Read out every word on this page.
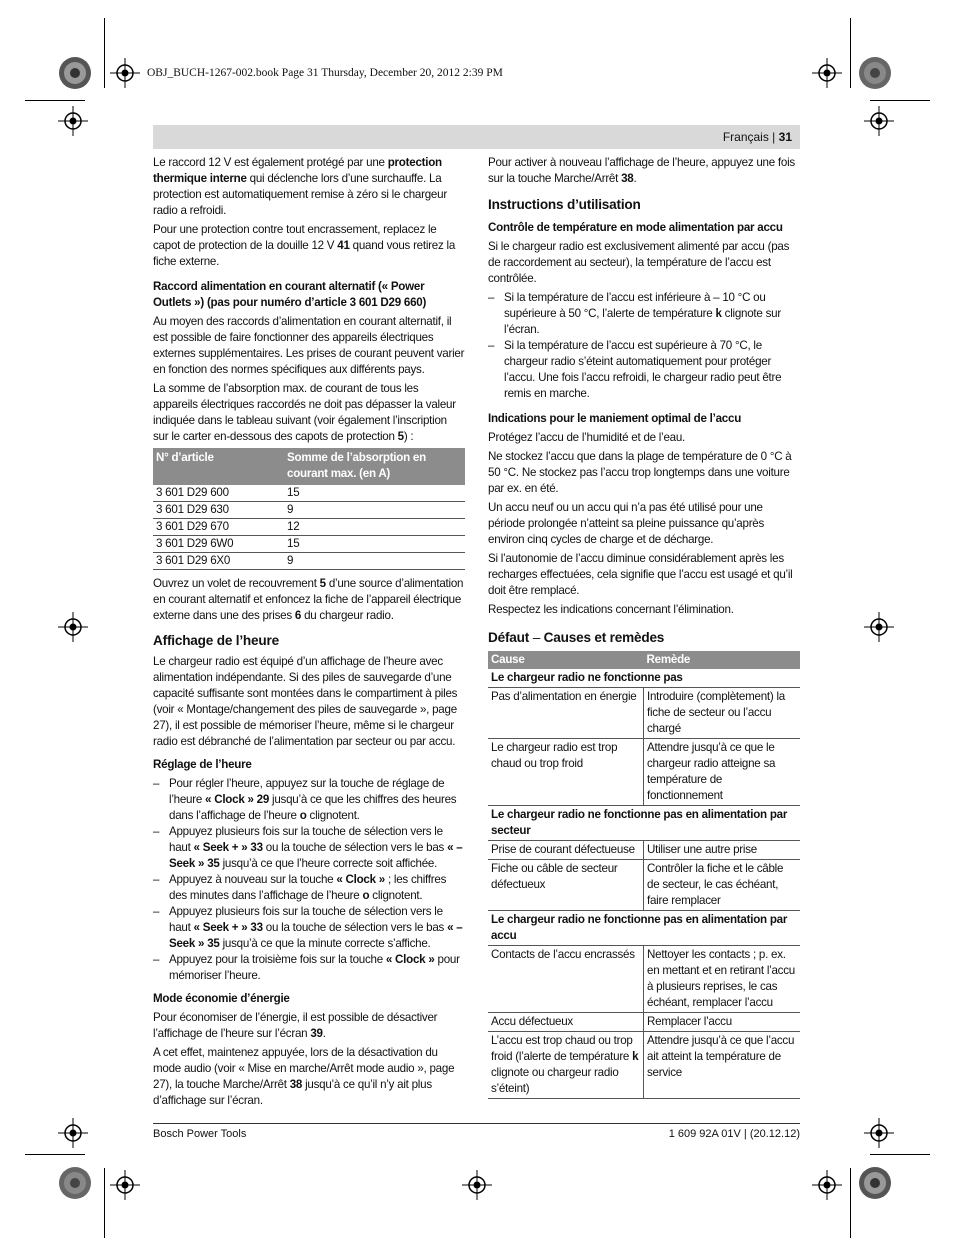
OBJ_BUCH-1267-002.book Page 31 Thursday, December 20, 2012 2:39 PM
Français | 31

Le raccord 12 V est également protégé par une protection thermique interne qui déclenche lors d’une surchauffe. La protection est automatiquement remise à zéro si le chargeur radio a refroidi.

Pour une protection contre tout encrassement, replacez le capot de protection de la douille 12 V 41 quand vous retirez la fiche externe.

Raccord alimentation en courant alternatif (« Power Outlets ») (pas pour numéro d’article 3 601 D29 660)

Au moyen des raccords d’alimentation en courant alternatif, il est possible de faire fonctionner des appareils électriques externes supplémentaires. Les prises de courant peuvent varier en fonction des normes spécifiques aux différents pays.

La somme de l’absorption max. de courant de tous les appareils électriques raccordés ne doit pas dépasser la valeur indiquée dans le tableau suivant (voir également l’inscription sur le carter en-dessous des capots de protection 5) :

N° d’article	Somme de l’absorption en courant max. (en A)
3 601 D29 600	15
3 601 D29 630	9
3 601 D29 670	12
3 601 D29 6W0	15
3 601 D29 6X0	9

Ouvrez un volet de recouvrement 5 d’une source d’alimentation en courant alternatif et enfoncez la fiche de l’appareil électrique externe dans une des prises 6 du chargeur radio.

Affichage de l’heure

Le chargeur radio est équipé d’un affichage de l’heure avec alimentation indépendante. Si des piles de sauvegarde d’une capacité suffisante sont montées dans le compartiment à piles (voir « Montage/changement des piles de sauvegarde », page 27), il est possible de mémoriser l’heure, même si le chargeur radio est débranché de l’alimentation par secteur ou par accu.

Réglage de l’heure
– Pour régler l’heure, appuyez sur la touche de réglage de l’heure « Clock » 29 jusqu’à ce que les chiffres des heures dans l’affichage de l’heure o clignotent.
– Appuyez plusieurs fois sur la touche de sélection vers le haut « Seek + » 33 ou la touche de sélection vers le bas « – Seek » 35 jusqu’à ce que l’heure correcte soit affichée.
– Appuyez à nouveau sur la touche « Clock » ; les chiffres des minutes dans l’affichage de l’heure o clignotent.
– Appuyez plusieurs fois sur la touche de sélection vers le haut « Seek + » 33 ou la touche de sélection vers le bas « – Seek » 35 jusqu’à ce que la minute correcte s’affiche.
– Appuyez pour la troisième fois sur la touche « Clock » pour mémoriser l’heure.
Mode économie d’énergie

Pour économiser de l’énergie, il est possible de désactiver l’affichage de l’heure sur l’écran 39.

A cet effet, maintenez appuyée, lors de la désactivation du mode audio (voir « Mise en marche/Arrêt mode audio », page 27), la touche Marche/Arrêt 38 jusqu’à ce qu’il n’y ait plus d’affichage sur l’écran.

Pour activer à nouveau l’affichage de l’heure, appuyez une fois sur la touche Marche/Arrêt 38.

Instructions d’utilisation
Contrôle de température en mode alimentation par accu

Si le chargeur radio est exclusivement alimenté par accu (pas de raccordement au secteur), la température de l’accu est contrôlée.

– Si la température de l’accu est inférieure à – 10 °C ou supérieure à 50 °C, l’alerte de température k clignote sur l’écran.
– Si la température de l’accu est supérieure à 70 °C, le chargeur radio s’éteint automatiquement pour protéger l’accu. Une fois l’accu refroidi, le chargeur radio peut être remis en marche.
Indications pour le maniement optimal de l’accu

Protégez l’accu de l’humidité et de l’eau.

Ne stockez l’accu que dans la plage de température de 0 °C à 50 °C. Ne stockez pas l’accu trop longtemps dans une voiture par ex. en été.

Un accu neuf ou un accu qui n’a pas été utilisé pour une période prolongée n’atteint sa pleine puissance qu’après environ cinq cycles de charge et de décharge.

Si l’autonomie de l’accu diminue considérablement après les recharges effectuées, cela signifie que l’accu est usagé et qu’il doit être remplacé.

Respectez les indications concernant l’élimination.

Défaut – Causes et remèdes
Cause	Remède
Le chargeur radio ne fonctionne pas	
Pas d’alimentation en énergie	Introduire (complètement) la fiche de secteur ou l’accu chargé
Le chargeur radio est trop chaud ou trop froid	Attendre jusqu’à ce que le chargeur radio atteigne sa température de fonctionnement
Le chargeur radio ne fonctionne pas en alimentation par secteur	
Prise de courant défectueuse	Utiliser une autre prise
Fiche ou câble de secteur défectueux	Contrôler la fiche et le câble de secteur, le cas échéant, faire remplacer
Le chargeur radio ne fonctionne pas en alimentation par accu	
Contacts de l’accu encrassés	Nettoyer les contacts ; p. ex. en mettant et en retirant l’accu à plusieurs reprises, le cas échéant, remplacer l’accu
Accu défectueux	Remplacer l’accu
L’accu est trop chaud ou trop froid (l’alerte de température k clignote ou chargeur radio s’éteint)	Attendre jusqu’à ce que l’accu ait atteint la température de service
Bosch Power Tools	1 609 92A 01V | (20.12.12)
